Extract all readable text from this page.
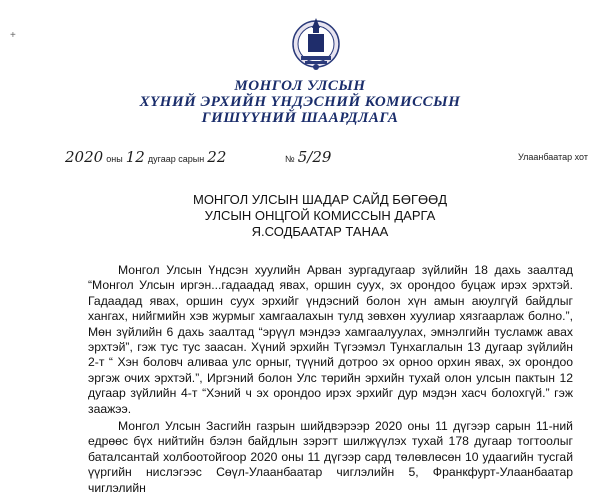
+
МОНГОЛ УЛСЫН
ХҮНИЙ ЭРХИЙН ҮНДЭСНИЙ КОМИССЫН
ГИШҮҮНИЙ ШААРДЛАГА
2020 оны 12 дугаар сарын 22	№ 5/29	Улаанбаатар хот
МОНГОЛ УЛСЫН ШАДАР САЙД БӨГӨӨД
УЛСЫН ОНЦГОЙ КОМИССЫН ДАРГА
Я.СОДБААТАР ТАНАА
Монгол Улсын Үндсэн хуулийн Арван зургадугаар зүйлийн 18 дахь заалтад “Монгол Улсын иргэн...гадаадад явах, оршин суух, эх орондоо буцаж ирэх эрхтэй. Гадаадад явах, оршин суух эрхийг үндэсний болон хүн амын аюулгүй байдлыг хангах, нийгмийн хэв журмыг хамгаалахын тулд зөвхөн хуулиар хязгаарлаж болно.”, Мөн зүйлийн 6 дахь заалтад “эрүүл мэндээ хамгаалуулах, эмнэлгийн тусламж авах эрхтэй”, гэж тус тус заасан. Хүний эрхийн Түгээмэл Тунхаглалын 13 дугаар зүйлийн 2-т “ Хэн боловч аливаа улс орныг, түүний дотроо эх орноо орхин явах, эх орондоо эргэж очих эрхтэй.”, Иргэний болон Улс төрийн эрхийн тухай олон улсын пактын 12 дугаар зүйлийн 4-т “Хэний ч эх орондоо ирэх эрхийг дур мэдэн хасч болохгүй.” гэж заажээ.
Монгол Улсын Засгийн газрын шийдвэрээр 2020 оны 11 дүгээр сарын 11-ний едрөөс бүх нийтийн бэлэн байдлын зэрэгт шилжүүлэх тухай 178 дугаар тогтоолыг баталсантай холбоотойгоор 2020 оны 11 дүгээр сард төлөвлөсөн 10 удаагийн тусгай үүргийн нислэгээс Сөүл-Улаанбаатар чиглэлийн 5, Франкфурт-Улаанбаатар чиглэлийн
